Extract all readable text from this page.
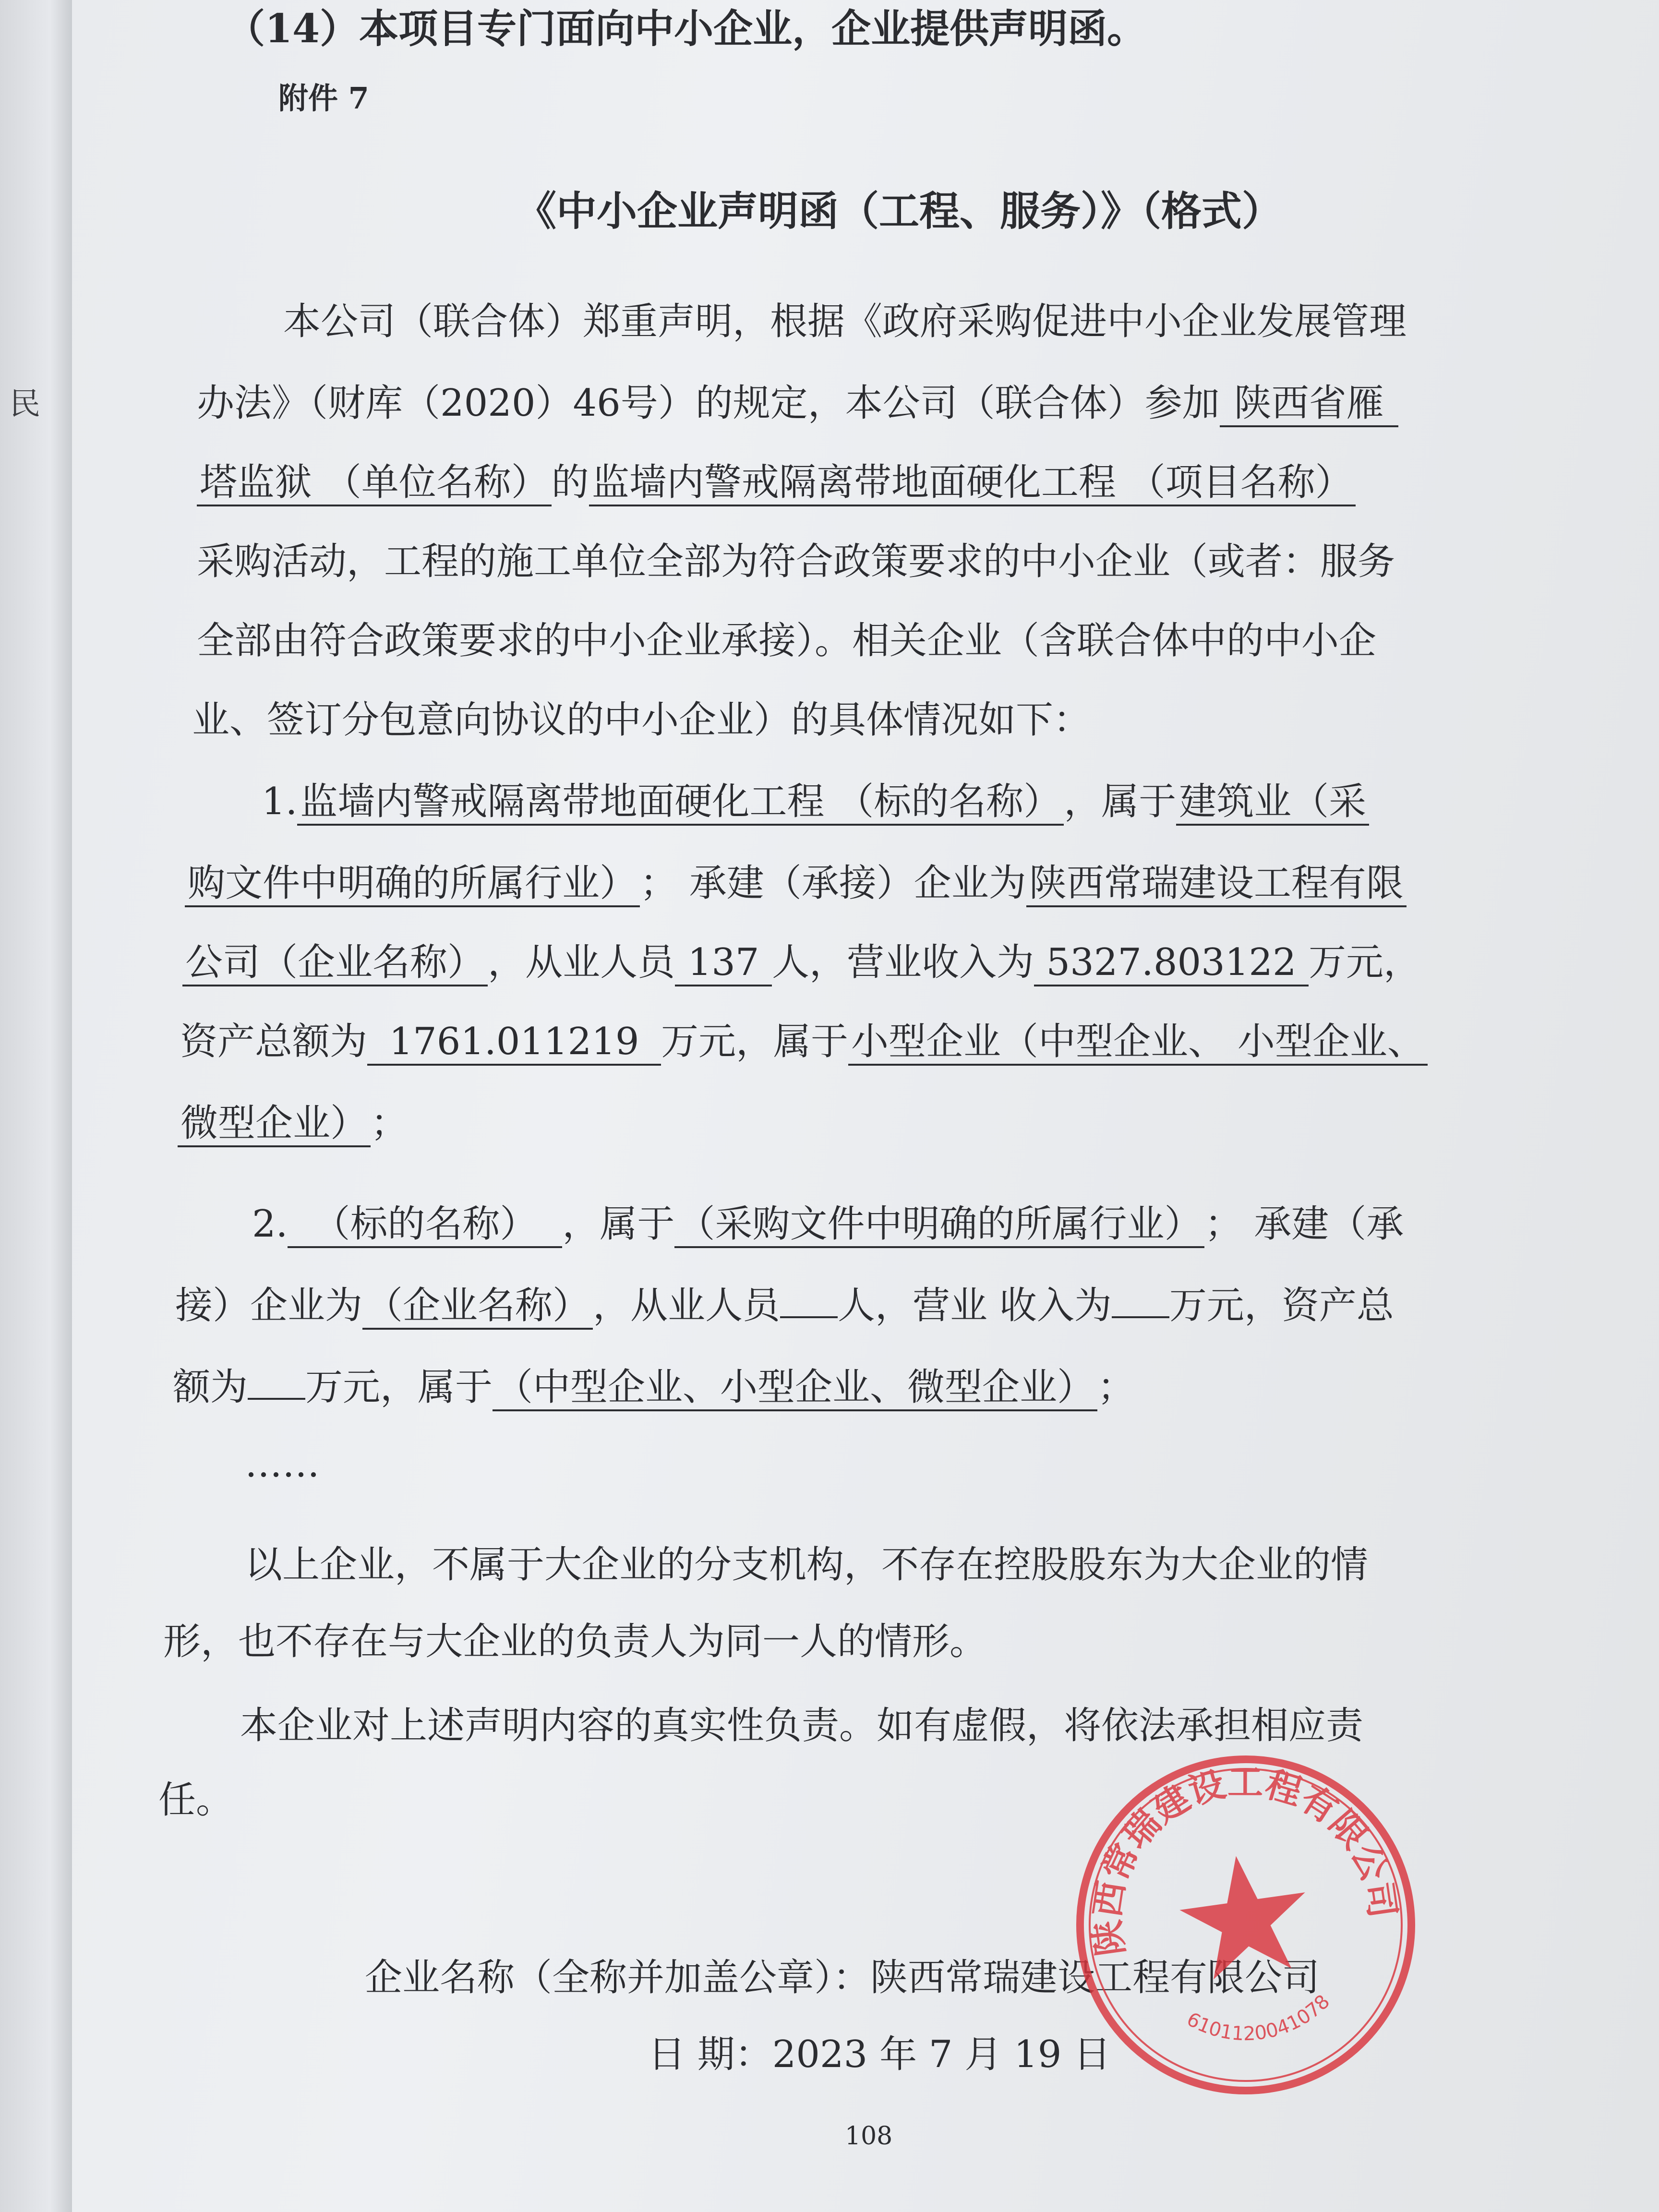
民
（14）本项目专门面向中小企业，企业提供声明函。
附件 7
《中小企业声明函（工程、服务）》（格式）
本公司（联合体）郑重声明，根据《政府采购促进中小企业发展管理
办法》（财库（2020）46号）的规定，本公司（联合体）参加 陕西省雁
塔监狱 （单位名称）的监墙内警戒隔离带地面硬化工程 （项目名称）
采购活动，工程的施工单位全部为符合政策要求的中小企业（或者：服务
全部由符合政策要求的中小企业承接）。相关企业（含联合体中的中小企
业、签订分包意向协议的中小企业）的具体情况如下：
1.监墙内警戒隔离带地面硬化工程 （标的名称），属于建筑业（采
购文件中明确的所属行业）； 承建（承接）企业为陕西常瑞建设工程有限
公司（企业名称），从业人员 137 人，营业收入为 5327.803122 万元，
资产总额为 1761.011219 万元，属于小型企业（中型企业、 小型企业、
微型企业）；
2. （标的名称） ，属于（采购文件中明确的所属行业）； 承建（承
接）企业为（企业名称），从业人员 人，营业 收入为 万元，资产总
额为 万元，属于（中型企业、小型企业、微型企业）；
……
以上企业，不属于大企业的分支机构，不存在控股股东为大企业的情
形，也不存在与大企业的负责人为同一人的情形。
本企业对上述声明内容的真实性负责。如有虚假，将依法承担相应责
任。
企业名称（全称并加盖公章）：陕西常瑞建设工程有限公司
日 期：2023 年 7 月 19 日
陕西常瑞建设工程有限公司
6101120041078
108
